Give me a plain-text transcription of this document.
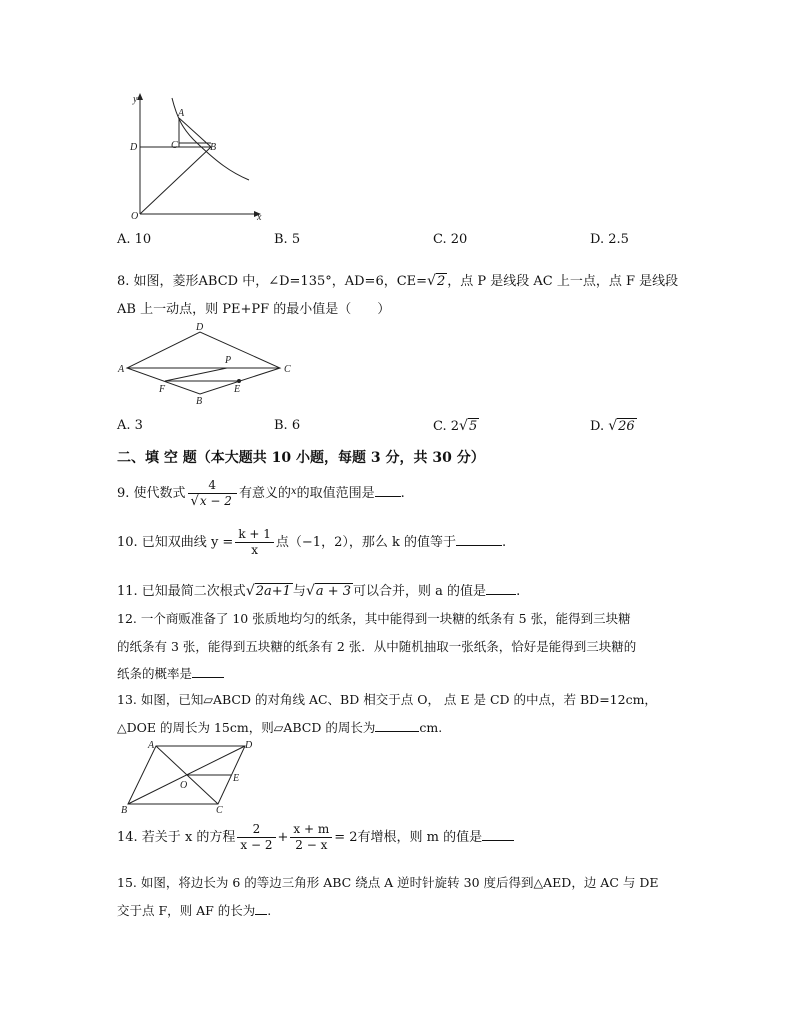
y
x
A
B
C
D
O
A. 10	B. 5	C. 20	D. 2.5
8. 如图，菱形ABCD 中，∠D=135°，AD=6，CE=√2 ，点 P 是线段 AC 上一点，点 F 是线段
AB 上一动点，则 PE+PF 的最小值是（　　）
A
D
C
B
P
F	E
A. 3	B. 6	C. 2√5	D. √26
二、填 空 题（本大题共 10 小题，每题 3 分，共 30 分）
9. 使代数式 $\frac{4}{√x - 2}$ 有意义的$^x$的取值范围是 .
10. 已知双曲线 $y = \frac{k + 1}{x}$ 点（−1，2），那么 k 的值等于	.
11. 已知最简二次根式√2a+1 与√a + 3 可以合并，则 a 的值是 .
12. 一个商贩准备了 10 张质地均匀的纸条，其中能得到一块糖的纸条有 5 张，能得到三块糖
的纸条有 3 张，能得到五块糖的纸条有 2 张．从中随机抽取一张纸条，恰好是能得到三块糖的
纸条的概率是
13. 如图，已知▱ABCD 的对角线 AC、BD 相交于点 O， 点 E 是 CD 的中点，若 BD=12cm，
△DOE 的周长为 15cm，则▱ABCD 的周长为	cm.
A	D
B	C
O
E
14. 若关于 x 的方程 $\frac{2}{x - 2} + \frac{x + m}{2 - x} = 2$有增根，则 m 的值是
15. 如图，将边长为 6 的等边三角形 ABC 绕点 A 逆时针旋转 30 度后得到△AED，边 AC 与 DE
交于点 F，则 AF 的长为 .
